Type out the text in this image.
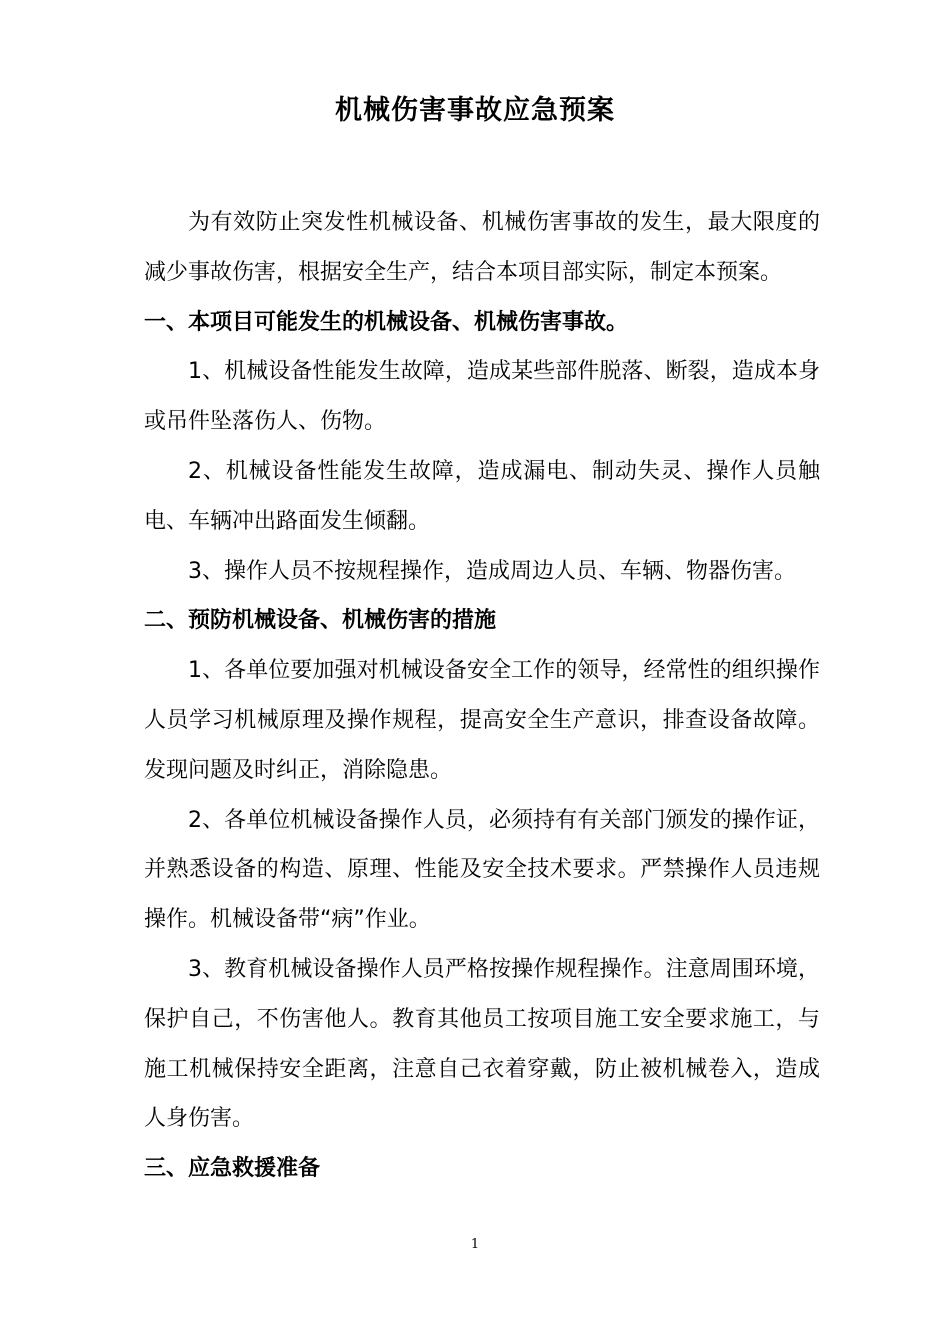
机械伤害事故应急预案

为有效防止突发性机械设备、机械伤害事故的发生，最大限度的减少事故伤害，根据安全生产，结合本项目部实际，制定本预案。

一、本项目可能发生的机械设备、机械伤害事故。

1、机械设备性能发生故障，造成某些部件脱落、断裂，造成本身或吊件坠落伤人、伤物。

2、机械设备性能发生故障，造成漏电、制动失灵、操作人员触电、车辆冲出路面发生倾翻。

3、操作人员不按规程操作，造成周边人员、车辆、物器伤害。

二、预防机械设备、机械伤害的措施

1、各单位要加强对机械设备安全工作的领导，经常性的组织操作人员学习机械原理及操作规程，提高安全生产意识，排查设备故障。发现问题及时纠正，消除隐患。

2、各单位机械设备操作人员，必须持有有关部门颁发的操作证，并熟悉设备的构造、原理、性能及安全技术要求。严禁操作人员违规操作。机械设备带“病”作业。

3、教育机械设备操作人员严格按操作规程操作。注意周围环境，保护自己，不伤害他人。教育其他员工按项目施工安全要求施工，与施工机械保持安全距离，注意自己衣着穿戴，防止被机械卷入，造成人身伤害。

三、应急救援准备

1
